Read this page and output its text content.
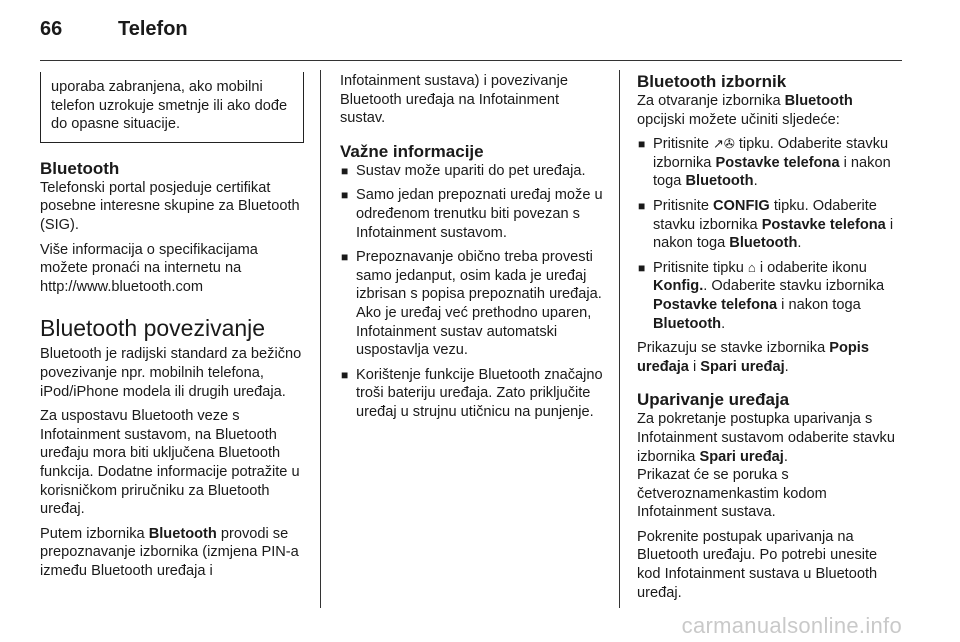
66	Telefon
uporaba zabranjena, ako mobilni telefon uzrokuje smetnje ili ako dođe do opasne situacije.
Bluetooth

Telefonski portal posjeduje certifikat posebne interesne skupine za Bluetooth (SIG).

Više informacija o specifikacijama možete pronaći na internetu na http://www.bluetooth.com

Bluetooth povezivanje

Bluetooth je radijski standard za bežično povezivanje npr. mobilnih telefona, iPod/iPhone modela ili drugih uređaja.

Za uspostavu Bluetooth veze s Infotainment sustavom, na Bluetooth uređaju mora biti uključena Bluetooth funkcija. Dodatne informacije potražite u korisničkom priručniku za Bluetooth uređaj.

Putem izbornika Bluetooth provodi se prepoznavanje izbornika (izmjena PIN-a između Bluetooth uređaja i

Infotainment sustava) i povezivanje Bluetooth uređaja na Infotainment sustav.

Važne informacije
■ Sustav može upariti do pet uređaja.
■ Samo jedan prepoznati uređaj može u određenom trenutku biti povezan s Infotainment sustavom.
■ Prepoznavanje obično treba provesti samo jedanput, osim kada je uređaj izbrisan s popisa prepoznatih uređaja. Ako je uređaj već prethodno uparen, Infotainment sustav automatski uspostavlja vezu.
■ Korištenje funkcije Bluetooth značajno troši bateriju uređaja. Zato priključite uređaj u strujnu utičnicu na punjenje.
Bluetooth izbornik

Za otvaranje izbornika Bluetooth opcijski možete učiniti sljedeće:

■ Pritisnite ↗✇ tipku. Odaberite stavku izbornika Postavke telefona i nakon toga Bluetooth.
■ Pritisnite CONFIG tipku. Odaberite stavku izbornika Postavke telefona i nakon toga Bluetooth.
■ Pritisnite tipku ⌂ i odaberite ikonu Konfig.. Odaberite stavku izbornika Postavke telefona i nakon toga Bluetooth.

Prikazuju se stavke izbornika Popis uređaja i Spari uređaj.

Uparivanje uređaja

Za pokretanje postupka uparivanja s Infotainment sustavom odaberite stavku izbornika Spari uređaj.
Prikazat će se poruka s četveroznamenkastim kodom Infotainment sustava.

Pokrenite postupak uparivanja na Bluetooth uređaju. Po potrebi unesite kod Infotainment sustava u Bluetooth uređaj.

carmanualsonline.info
